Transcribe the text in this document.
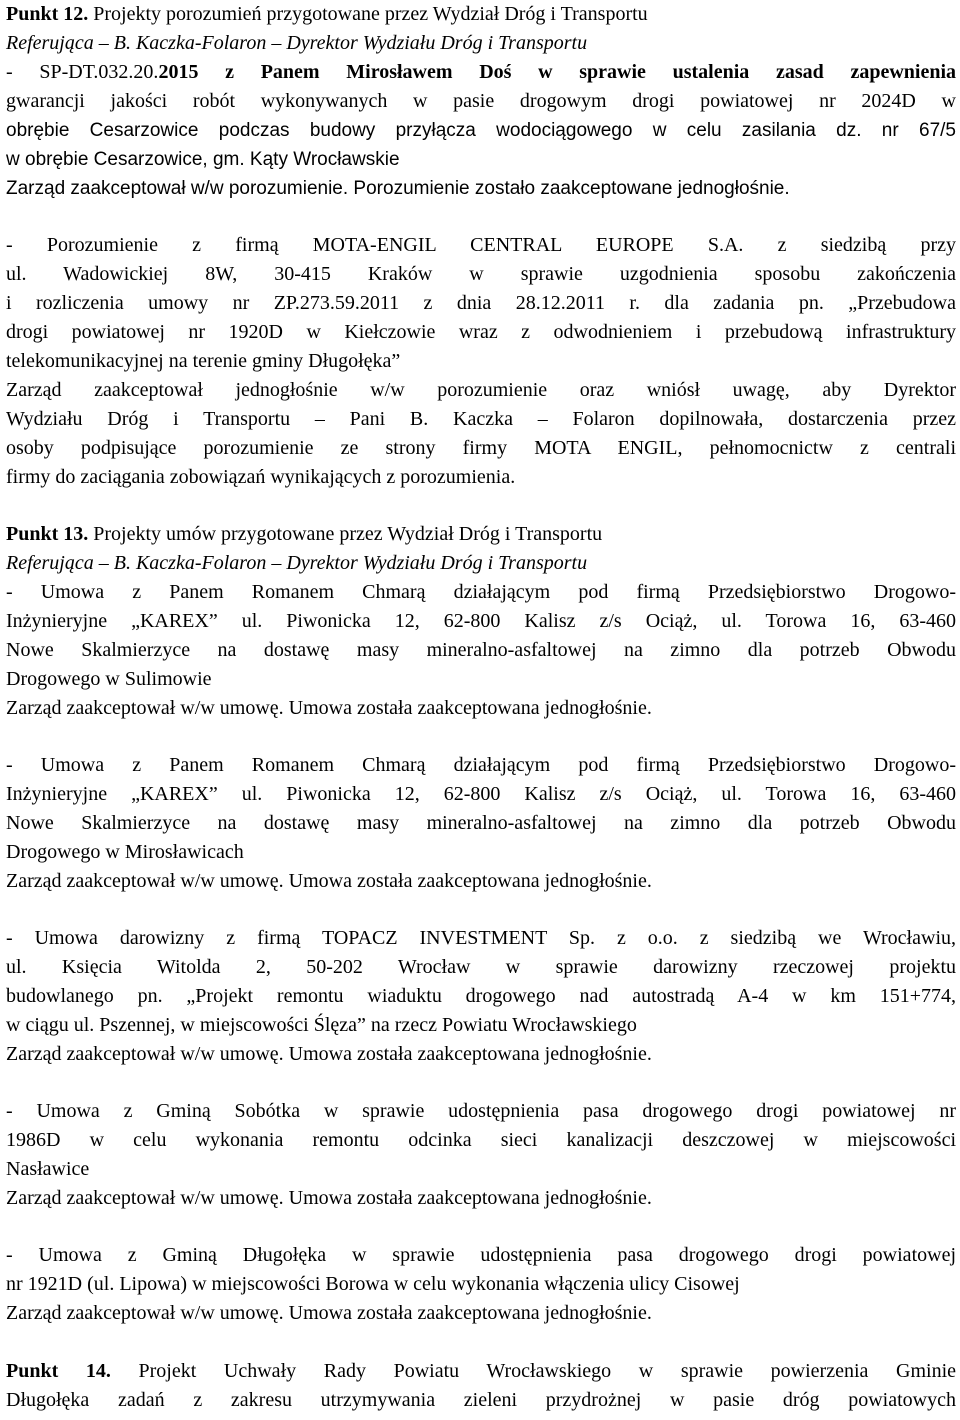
Punkt 12. Projekty porozumień przygotowane przez Wydział Dróg i Transportu
Referująca – B. Kaczka-Folaron – Dyrektor Wydziału Dróg i Transportu
- SP-DT.032.20.2015 z Panem Mirosławem Doś w sprawie ustalenia zasad zapewnienia
gwarancji jakości robót wykonywanych w pasie drogowym drogi powiatowej nr 2024D w
obrębie Cesarzowice podczas budowy przyłącza wodociągowego w celu zasilania dz. nr 67/5
w obrębie Cesarzowice, gm. Kąty Wrocławskie
Zarząd zaakceptował w/w porozumienie. Porozumienie zostało zaakceptowane jednogłośnie.
- Porozumienie z firmą MOTA-ENGIL CENTRAL EUROPE S.A. z siedzibą przy
ul. Wadowickiej 8W, 30-415 Kraków w sprawie uzgodnienia sposobu zakończenia
i rozliczenia umowy nr ZP.273.59.2011 z dnia 28.12.2011 r. dla zadania pn. „Przebudowa
drogi powiatowej nr 1920D w Kiełczowie wraz z odwodnieniem i przebudową infrastruktury
telekomunikacyjnej na terenie gminy Długołęka”
Zarząd zaakceptował jednogłośnie w/w porozumienie oraz wniósł uwagę, aby Dyrektor
Wydziału Dróg i Transportu – Pani B. Kaczka – Folaron dopilnowała, dostarczenia przez
osoby podpisujące porozumienie ze strony firmy MOTA ENGIL, pełnomocnictw z centrali
firmy do zaciągania zobowiązań wynikających z porozumienia.
Punkt 13. Projekty umów przygotowane przez Wydział Dróg i Transportu
Referująca – B. Kaczka-Folaron – Dyrektor Wydziału Dróg i Transportu
- Umowa z Panem Romanem Chmarą działającym pod firmą Przedsiębiorstwo Drogowo-
Inżynieryjne „KAREX” ul. Piwonicka 12, 62-800 Kalisz z/s Ociąż, ul. Torowa 16, 63-460
Nowe Skalmierzyce na dostawę masy mineralno-asfaltowej na zimno dla potrzeb Obwodu
Drogowego w Sulimowie
Zarząd zaakceptował w/w umowę. Umowa została zaakceptowana jednogłośnie.
- Umowa z Panem Romanem Chmarą działającym pod firmą Przedsiębiorstwo Drogowo-
Inżynieryjne „KAREX” ul. Piwonicka 12, 62-800 Kalisz z/s Ociąż, ul. Torowa 16, 63-460
Nowe Skalmierzyce na dostawę masy mineralno-asfaltowej na zimno dla potrzeb Obwodu
Drogowego w Mirosławicach
Zarząd zaakceptował w/w umowę. Umowa została zaakceptowana jednogłośnie.
- Umowa darowizny z firmą TOPACZ INVESTMENT Sp. z o.o. z siedzibą we Wrocławiu,
ul. Księcia Witolda 2, 50-202 Wrocław w sprawie darowizny rzeczowej projektu
budowlanego pn. „Projekt remontu wiaduktu drogowego nad autostradą A-4 w km 151+774,
w ciągu ul. Pszennej, w miejscowości Ślęza” na rzecz Powiatu Wrocławskiego
Zarząd zaakceptował w/w umowę. Umowa została zaakceptowana jednogłośnie.
- Umowa z Gminą Sobótka w sprawie udostępnienia pasa drogowego drogi powiatowej nr
1986D w celu wykonania remontu odcinka sieci kanalizacji deszczowej w miejscowości
Nasławice
Zarząd zaakceptował w/w umowę. Umowa została zaakceptowana jednogłośnie.
- Umowa z Gminą Długołęka w sprawie udostępnienia pasa drogowego drogi powiatowej
nr 1921D (ul. Lipowa) w miejscowości Borowa w celu wykonania włączenia ulicy Cisowej
Zarząd zaakceptował w/w umowę. Umowa została zaakceptowana jednogłośnie.
Punkt 14. Projekt Uchwały Rady Powiatu Wrocławskiego w sprawie powierzenia Gminie
Długołęka zadań z zakresu utrzymywania zieleni przydrożnej w pasie dróg powiatowych
